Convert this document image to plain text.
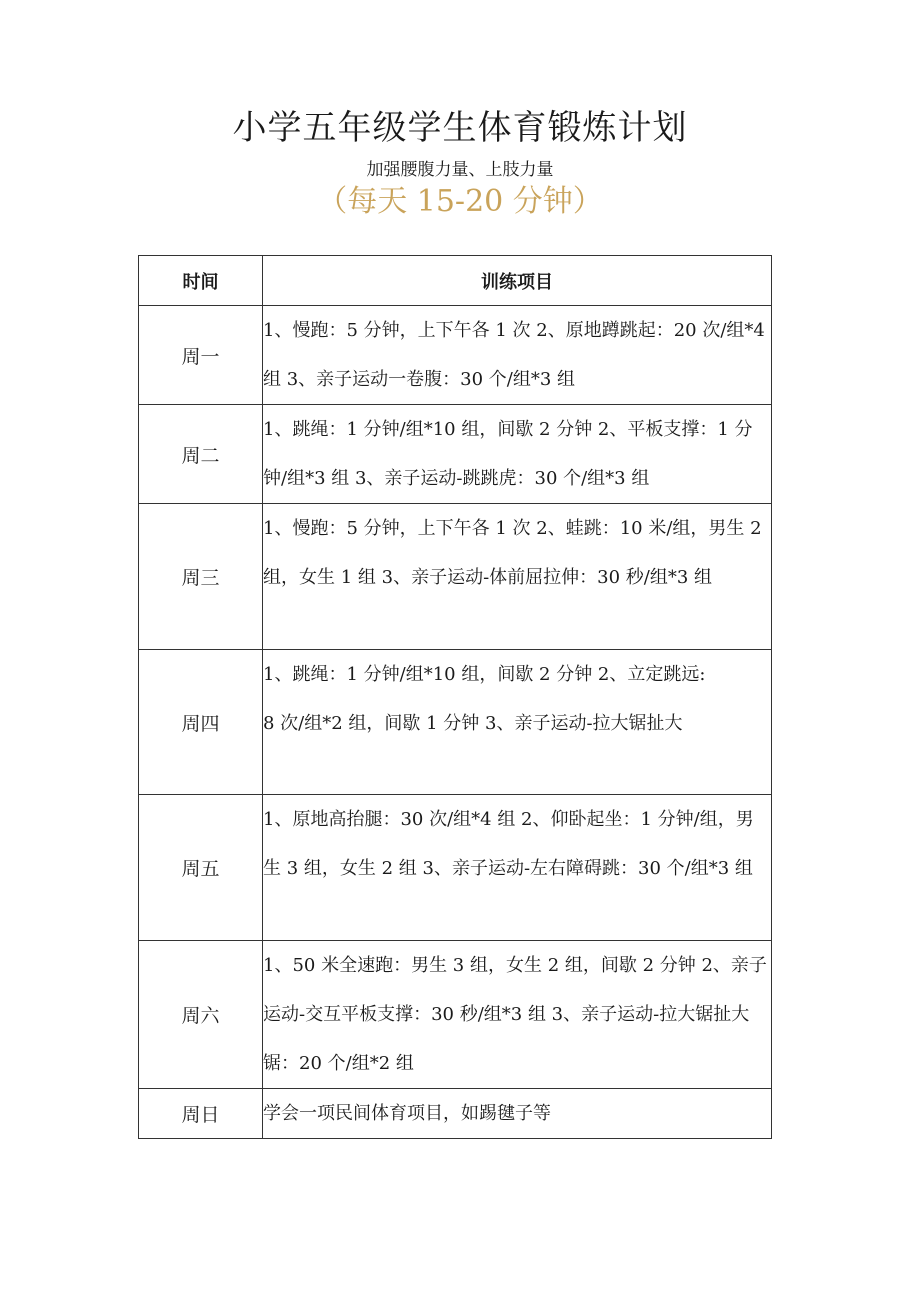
小学五年级学生体育锻炼计划
加强腰腹力量、上肢力量
（每天 15-20 分钟）
时间	训练项目
周一	1、慢跑：5 分钟，上下午各 1 次 2、原地蹲跳起：20 次/组*4 组 3、亲子运动一卷腹：30 个/组*3 组

周二	1、跳绳：1 分钟/组*10 组，间歇 2 分钟 2、平板支撑：1 分钟/组*3 组 3、亲子运动-跳跳虎：30 个/组*3 组

周三	1、慢跑：5 分钟，上下午各 1 次 2、蛙跳：10 米/组，男生 2 组，女生 1 组 3、亲子运动-体前屈拉伸：30 秒/组*3 组

周四	1、跳绳：1 分钟/组*10 组，间歇 2 分钟 2、立定跳远:

8 次/组*2 组，间歇 1 分钟 3、亲子运动-拉大锯扯大

周五	1、原地高抬腿：30 次/组*4 组 2、仰卧起坐：1 分钟/组，男生 3 组，女生 2 组 3、亲子运动-左右障碍跳：30 个/组*3 组

周六	1、50 米全速跑：男生 3 组，女生 2 组，间歇 2 分钟 2、亲子运动-交互平板支撑：30 秒/组*3 组 3、亲子运动-拉大锯扯大锯：20 个/组*2 组

周日	学会一项民间体育项目，如踢毽子等
